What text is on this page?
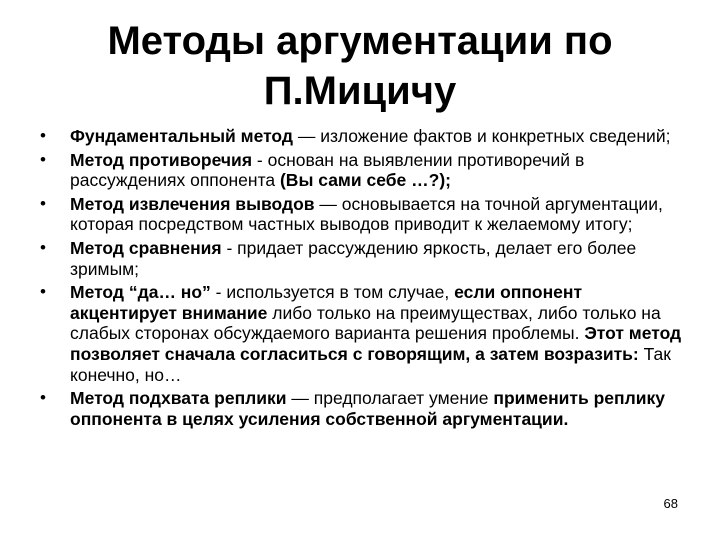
Методы аргументации по
П.Мицичу
•	Фундаментальный метод — изложение фактов и конкретных сведений;
•	Метод противоречия - основан на выявлении противоречий в рассуждениях оппонента (Вы сами себе …?);
•	Метод извлечения выводов — основывается на точной аргументации, которая посредством частных выводов приводит к желаемому итогу;
•	Метод сравнения - придает рассуждению яркость, делает его более зримым;
•	Метод “да… но” - используется в том случае, если оппонент акцентирует внимание либо только на преимуществах, либо только на слабых сторонах обсуждаемого варианта решения проблемы. Этот метод позволяет сначала согласиться с говорящим, а затем возразить: Так конечно, но…
•	Метод подхвата реплики — предполагает умение применить реплику оппонента в целях усиления собственной аргументации.
68
